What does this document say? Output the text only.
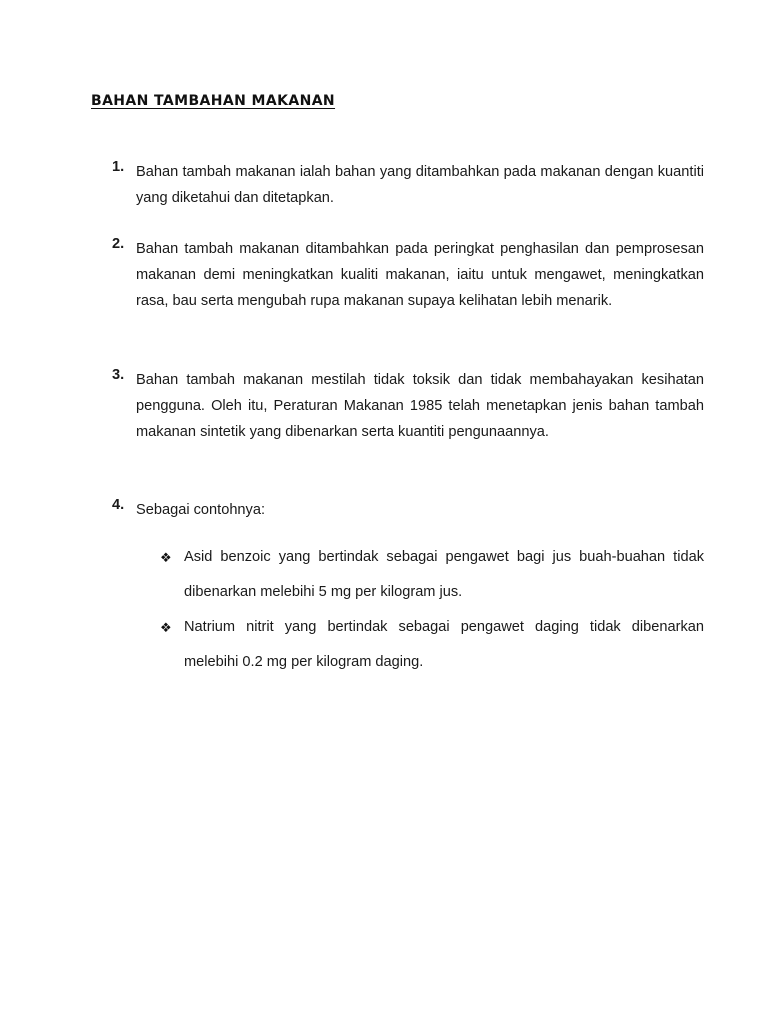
BAHAN TAMBAHAN MAKANAN
1. Bahan tambah makanan ialah bahan yang ditambahkan pada makanan dengan kuantiti yang diketahui dan ditetapkan.
2. Bahan tambah makanan ditambahkan pada peringkat penghasilan dan pemprosesan makanan demi meningkatkan kualiti makanan, iaitu untuk mengawet, meningkatkan rasa, bau serta mengubah rupa makanan supaya kelihatan lebih menarik.
3. Bahan tambah makanan mestilah tidak toksik dan tidak membahayakan kesihatan pengguna. Oleh itu, Peraturan Makanan 1985 telah menetapkan jenis bahan tambah makanan sintetik yang dibenarkan serta kuantiti pengunaannya.
4. Sebagai contohnya:
❖ Asid benzoic yang bertindak sebagai pengawet bagi jus buah-buahan tidak dibenarkan melebihi 5 mg per kilogram jus.
❖ Natrium nitrit yang bertindak sebagai pengawet daging tidak dibenarkan melebihi 0.2 mg per kilogram daging.
